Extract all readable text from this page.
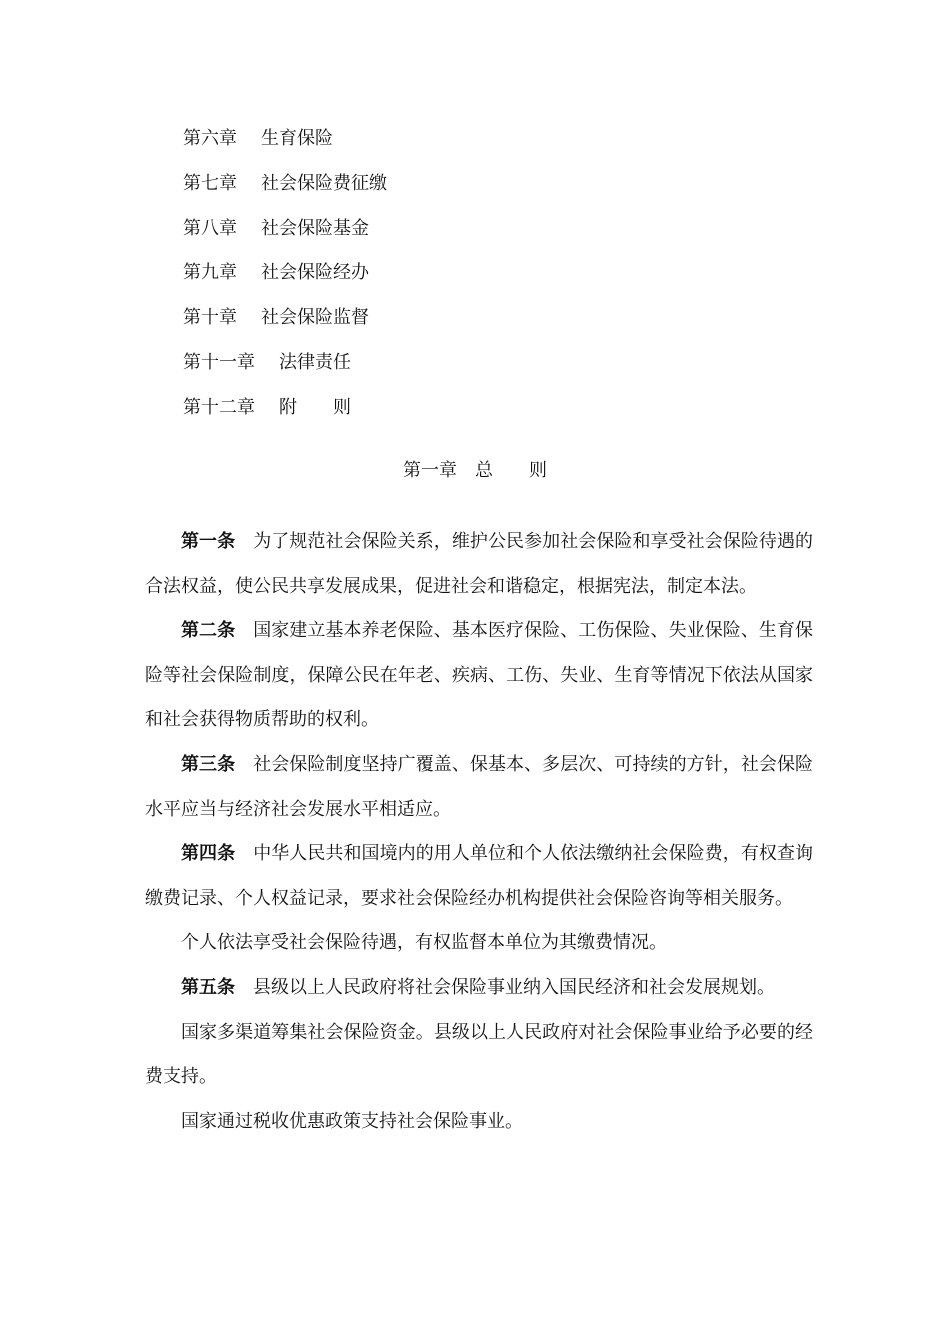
第六章 生育保险
第七章 社会保险费征缴
第八章 社会保险基金
第九章 社会保险经办
第十章 社会保险监督
第十一章 法律责任
第十二章 附　　则
第一章 总　　则

第一条 为了规范社会保险关系，维护公民参加社会保险和享受社会保险待遇的合法权益，使公民共享发展成果，促进社会和谐稳定，根据宪法，制定本法。

第二条 国家建立基本养老保险、基本医疗保险、工伤保险、失业保险、生育保险等社会保险制度，保障公民在年老、疾病、工伤、失业、生育等情况下依法从国家和社会获得物质帮助的权利。

第三条 社会保险制度坚持广覆盖、保基本、多层次、可持续的方针，社会保险水平应当与经济社会发展水平相适应。

第四条 中华人民共和国境内的用人单位和个人依法缴纳社会保险费，有权查询缴费记录、个人权益记录，要求社会保险经办机构提供社会保险咨询等相关服务。

个人依法享受社会保险待遇，有权监督本单位为其缴费情况。

第五条 县级以上人民政府将社会保险事业纳入国民经济和社会发展规划。

国家多渠道筹集社会保险资金。县级以上人民政府对社会保险事业给予必要的经费支持。

国家通过税收优惠政策支持社会保险事业。
